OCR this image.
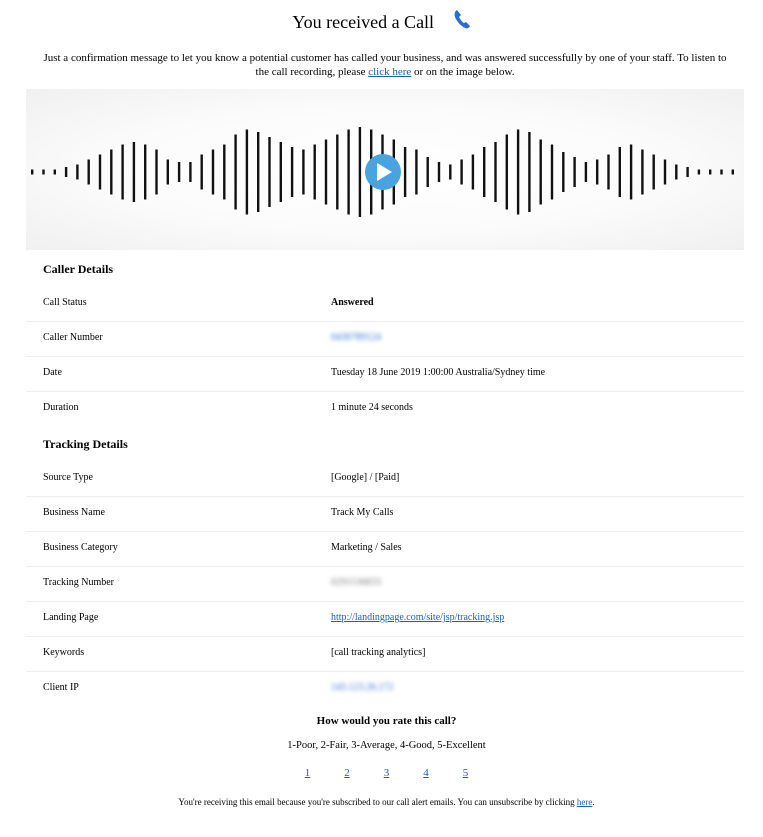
You received a Call
Just a confirmation message to let you know a potential customer has called your business, and was answered successfully by one of your staff. To listen to the call recording, please click here or on the image below.
Caller Details
Call Status	Answered
Caller Number	0430789124
Date	Tuesday 18 June 2019 1:00:00 Australia/Sydney time
Duration	1 minute 24 seconds
Tracking Details
Source Type	[Google] / [Paid]
Business Name	Track My Calls
Business Category	Marketing / Sales
Tracking Number	0291536833
Landing Page	http://landingpage.com/site/jsp/tracking.jsp
Keywords	[call tracking analytics]
Client IP	143.123.26.172
How would you rate this call?
1-Poor, 2-Fair, 3-Average, 4-Good, 5-Excellent
1	2	3	4	5
You're receiving this email because you're subscribed to our call alert emails. You can unsubscribe by clicking here.
